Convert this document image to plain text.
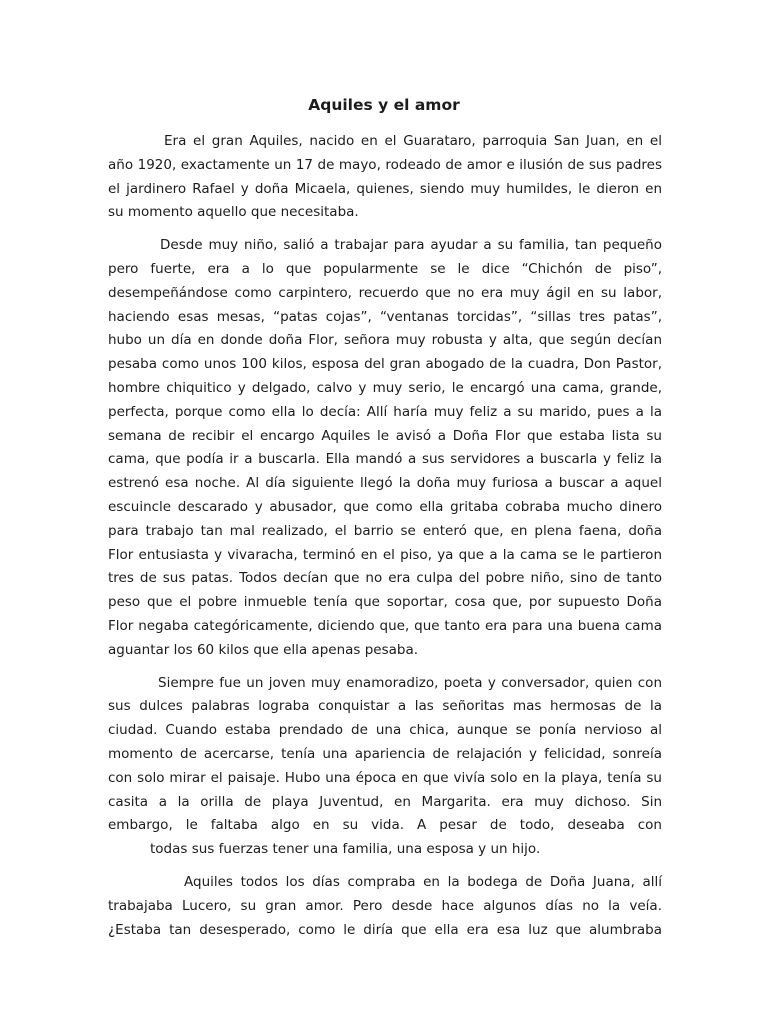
Aquiles y el amor

Era el gran Aquiles, nacido en el Guarataro, parroquia San Juan, en el
año 1920, exactamente un 17 de mayo, rodeado de amor e ilusión de sus padres
el jardinero Rafael y doña Micaela, quienes, siendo muy humildes, le dieron en
su momento aquello que necesitaba.

Desde muy niño, salió a trabajar para ayudar a su familia, tan pequeño
pero fuerte, era a lo que popularmente se le dice “Chichón de piso”,
desempeñándose como carpintero, recuerdo que no era muy ágil en su labor,
haciendo esas mesas, “patas cojas”, “ventanas torcidas”, “sillas tres patas”,
hubo un día en donde doña Flor, señora muy robusta y alta, que según decían
pesaba como unos 100 kilos, esposa del gran abogado de la cuadra, Don Pastor,
hombre chiquitico y delgado, calvo y muy serio, le encargó una cama, grande,
perfecta, porque como ella lo decía: Allí haría muy feliz a su marido, pues a la
semana de recibir el encargo Aquiles le avisó a Doña Flor que estaba lista su
cama, que podía ir a buscarla. Ella mandó a sus servidores a buscarla y feliz la
estrenó esa noche. Al día siguiente llegó la doña muy furiosa a buscar a aquel
escuincle descarado y abusador, que como ella gritaba cobraba mucho dinero
para trabajo tan mal realizado, el barrio se enteró que, en plena faena, doña
Flor entusiasta y vivaracha, terminó en el piso, ya que a la cama se le partieron
tres de sus patas. Todos decían que no era culpa del pobre niño, sino de tanto
peso que el pobre inmueble tenía que soportar, cosa que, por supuesto Doña
Flor negaba categóricamente, diciendo que, que tanto era para una buena cama
aguantar los 60 kilos que ella apenas pesaba.

Siempre fue un joven muy enamoradizo, poeta y conversador, quien con
sus dulces palabras lograba conquistar a las señoritas mas hermosas de la
ciudad. Cuando estaba prendado de una chica, aunque se ponía nervioso al
momento de acercarse, tenía una apariencia de relajación y felicidad, sonreía
con solo mirar el paisaje. Hubo una época en que vivía solo en la playa, tenía su
casita a la orilla de playa Juventud, en Margarita. era muy dichoso. Sin
embargo, le faltaba algo en su vida. A pesar de todo, deseaba con
todas sus fuerzas tener una familia, una esposa y un hijo.

Aquiles todos los días compraba en la bodega de Doña Juana, allí
trabajaba Lucero, su gran amor. Pero desde hace algunos días no la veía.
¿Estaba tan desesperado, como le diría que ella era esa luz que alumbraba
